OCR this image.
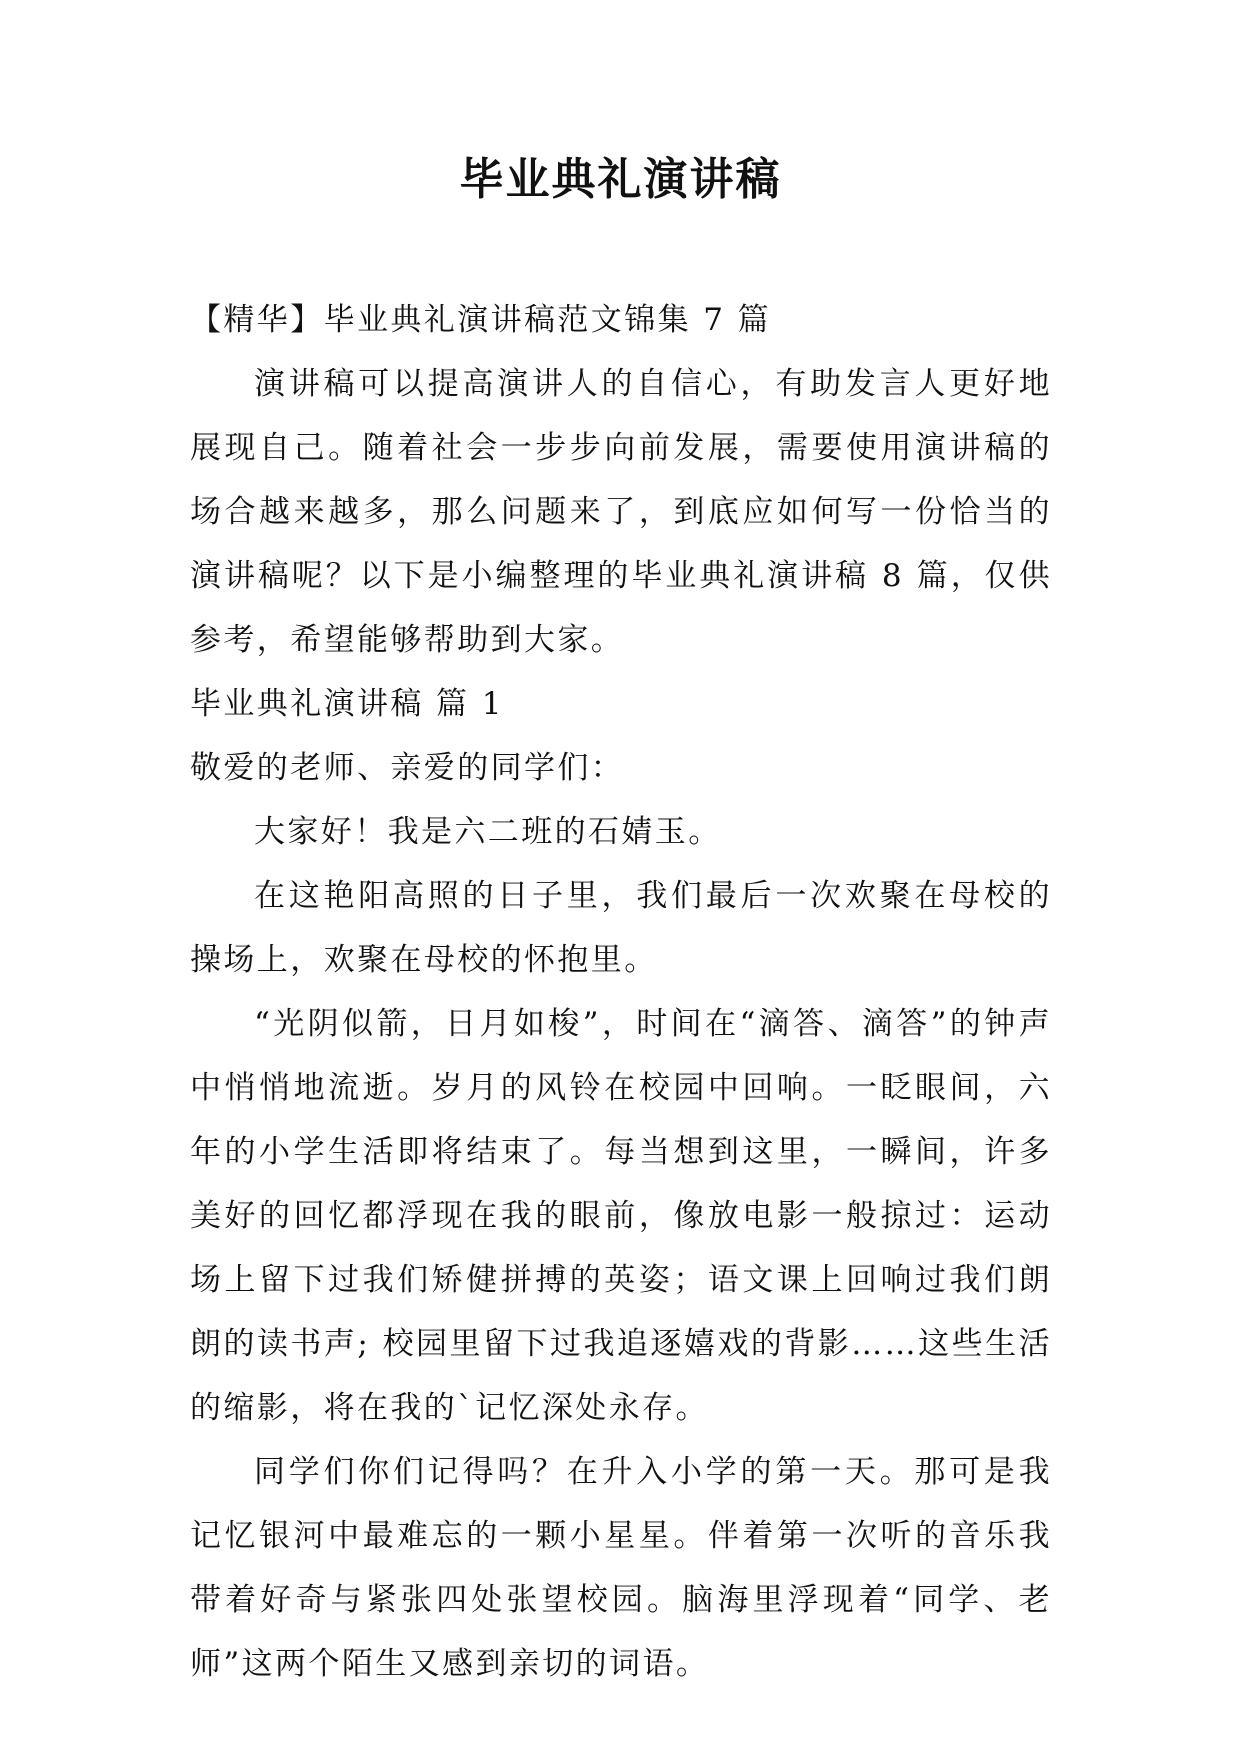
毕业典礼演讲稿

【精华】毕业典礼演讲稿范文锦集 7 篇

演讲稿可以提高演讲人的自信心，有助发言人更好地展现自己。随着社会一步步向前发展，需要使用演讲稿的场合越来越多，那么问题来了，到底应如何写一份恰当的演讲稿呢？以下是小编整理的毕业典礼演讲稿 8 篇，仅供参考，希望能够帮助到大家。

毕业典礼演讲稿 篇 1

敬爱的老师、亲爱的同学们：

大家好！我是六二班的石婧玉。

在这艳阳高照的日子里，我们最后一次欢聚在母校的操场上，欢聚在母校的怀抱里。

“光阴似箭，日月如梭”，时间在“滴答、滴答”的钟声中悄悄地流逝。岁月的风铃在校园中回响。一眨眼间，六年的小学生活即将结束了。每当想到这里，一瞬间，许多美好的回忆都浮现在我的眼前，像放电影一般掠过：运动场上留下过我们矫健拼搏的英姿；语文课上回响过我们朗朗的读书声; 校园里留下过我追逐嬉戏的背影……这些生活的缩影，将在我的`记忆深处永存。

同学们你们记得吗？在升入小学的第一天。那可是我记忆银河中最难忘的一颗小星星。伴着第一次听的音乐我带着好奇与紧张四处张望校园。脑海里浮现着“同学、老师”这两个陌生又感到亲切的词语。
